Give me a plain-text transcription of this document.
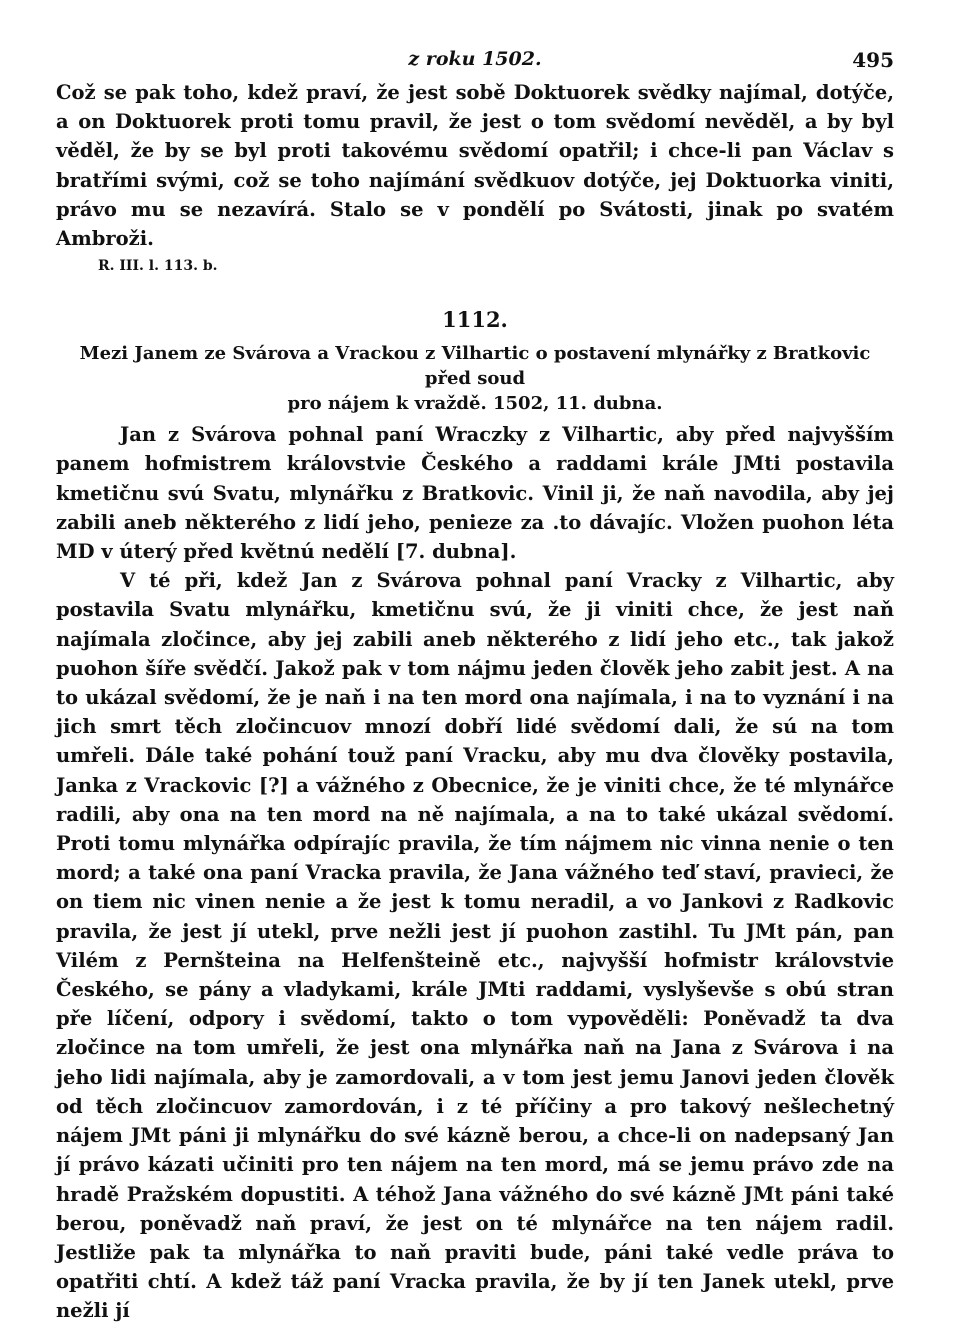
z roku 1502.	495

Což se pak toho, kdež praví, že jest sobě Doktuorek svědky najímal, dotýče, a on Doktuorek proti tomu pravil, že jest o tom svědomí nevěděl, a by byl věděl, že by se byl proti takovému svědomí opatřil; i chce-li pan Václav s bratřími svými, což se toho najímání svědkuov dotýče, jej Doktuorka viniti, právo mu se nezavírá. Stalo se v pondělí po Svátosti, jinak po svatém Ambroži.

R. III. l. 113. b.
1112.
Mezi Janem ze Svárova a Vrackou z Vilhartic o postavení mlynářky z Bratkovic před soud
pro nájem k vraždě. 1502, 11. dubna.

Jan z Svárova pohnal paní Wraczky z Vilhartic, aby před najvyšším panem hofmistrem královstvie Českého a raddami krále JMti postavila kmetičnu svú Svatu, mlynářku z Bratkovic. Vinil ji, že naň navodila, aby jej zabili aneb některého z lidí jeho, penieze za .to dávajíc. Vložen puohon léta MD v úterý před květnú nedělí [7. dubna].

V té při, kdež Jan z Svárova pohnal paní Vracky z Vilhartic, aby postavila Svatu mlynářku, kmetičnu svú, že ji viniti chce, že jest naň najímala zločince, aby jej zabili aneb některého z lidí jeho etc., tak jakož puohon šíře svědčí. Jakož pak v tom nájmu jeden člověk jeho zabit jest. A na to ukázal svědomí, že je naň i na ten mord ona najímala, i na to vyznání i na jich smrt těch zločincuov mnozí dobří lidé svědomí dali, že sú na tom umřeli. Dále také pohání touž paní Vracku, aby mu dva člověky postavila, Janka z Vrackovic [?] a vážného z Obecnice, že je viniti chce, že té mlynářce radili, aby ona na ten mord na ně najímala, a na to také ukázal svědomí. Proti tomu mlynářka odpírajíc pravila, že tím nájmem nic vinna nenie o ten mord; a také ona paní Vracka pravila, že Jana vážného teď staví, pravieci, že on tiem nic vinen nenie a že jest k tomu neradil, a vo Jankovi z Radkovic pravila, že jest jí utekl, prve nežli jest jí puohon zastihl. Tu JMt pán, pan Vilém z Pernšteina na Helfenšteině etc., najvyšší hofmistr královstvie Českého, se pány a vladykami, krále JMti raddami, vyslyševše s obú stran pře líčení, odpory i svědomí, takto o tom vypověděli: Poněvadž ta dva zločince na tom umřeli, že jest ona mlynářka naň na Jana z Svárova i na jeho lidi najímala, aby je zamordovali, a v tom jest jemu Janovi jeden člověk od těch zločincuov zamordován, i z té příčiny a pro takový nešlechetný nájem JMt páni ji mlynářku do své kázně berou, a chce-li on nadepsaný Jan jí právo kázati učiniti pro ten nájem na ten mord, má se jemu právo zde na hradě Pražském dopustiti. A téhož Jana vážného do své kázně JMt páni také berou, poněvadž naň praví, že jest on té mlynářce na ten nájem radil. Jestliže pak ta mlynářka to naň praviti bude, páni také vedle práva to opatřiti chtí. A kdež táž paní Vracka pravila, že by jí ten Janek utekl, prve nežli jí
